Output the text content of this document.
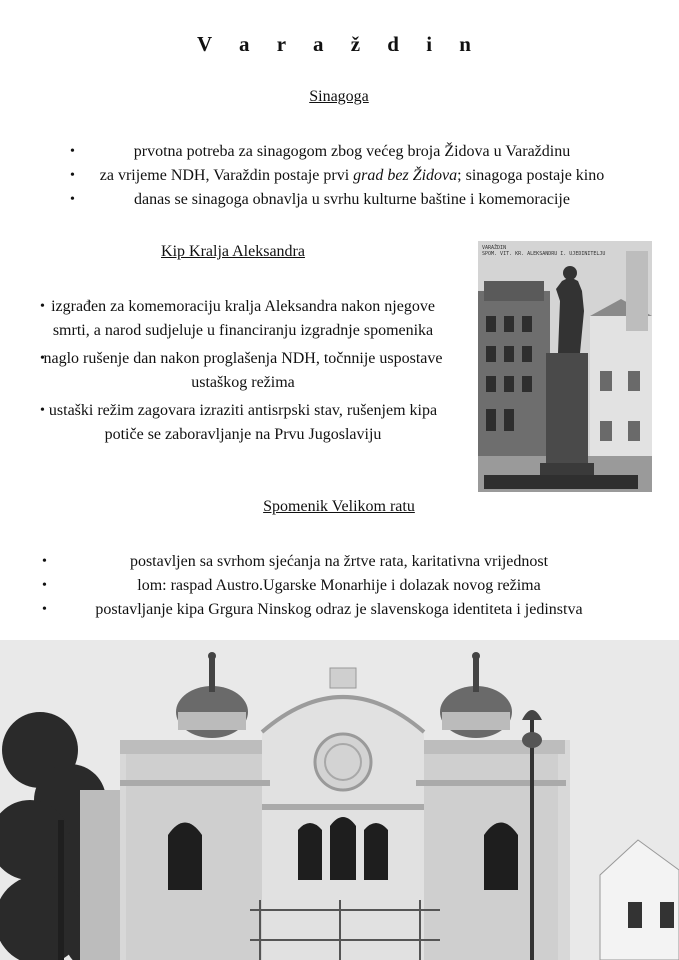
V a r a ž d i n
Sinagoga
• prvotna potreba za sinagogom zbog većeg broja Židova u Varaždinu
• za vrijeme NDH, Varaždin postaje prvi grad bez Židova; sinagoga postaje kino
• danas se sinagoga obnavlja u svrhu kulturne baštine i komemoracije
Kip Kralja Aleksandra
• izgrađen za komemoraciju kralja Aleksandra nakon njegove smrti, a narod sudjeluje u financiranju izgradnje spomenika
• naglo rušenje dan nakon proglašenja NDH, točnnije uspostave ustaškog režima
• ustaški režim zagovara izraziti antisrpski stav, rušenjem kipa potiče se zaboravljanje na Prvu Jugoslaviju
VARAŽDIN
SPOM. VIT. KR. ALEKSANDRU I. UJEDINITELJU
Spomenik Velikom ratu
• postavljen sa svrhom sjećanja na žrtve rata, karitativna vrijednost
• lom: raspad Austro.Ugarske Monarhije i dolazak novog režima
• postavljanje kipa Grgura Ninskog odraz je slavenskoga identiteta i jedinstva
